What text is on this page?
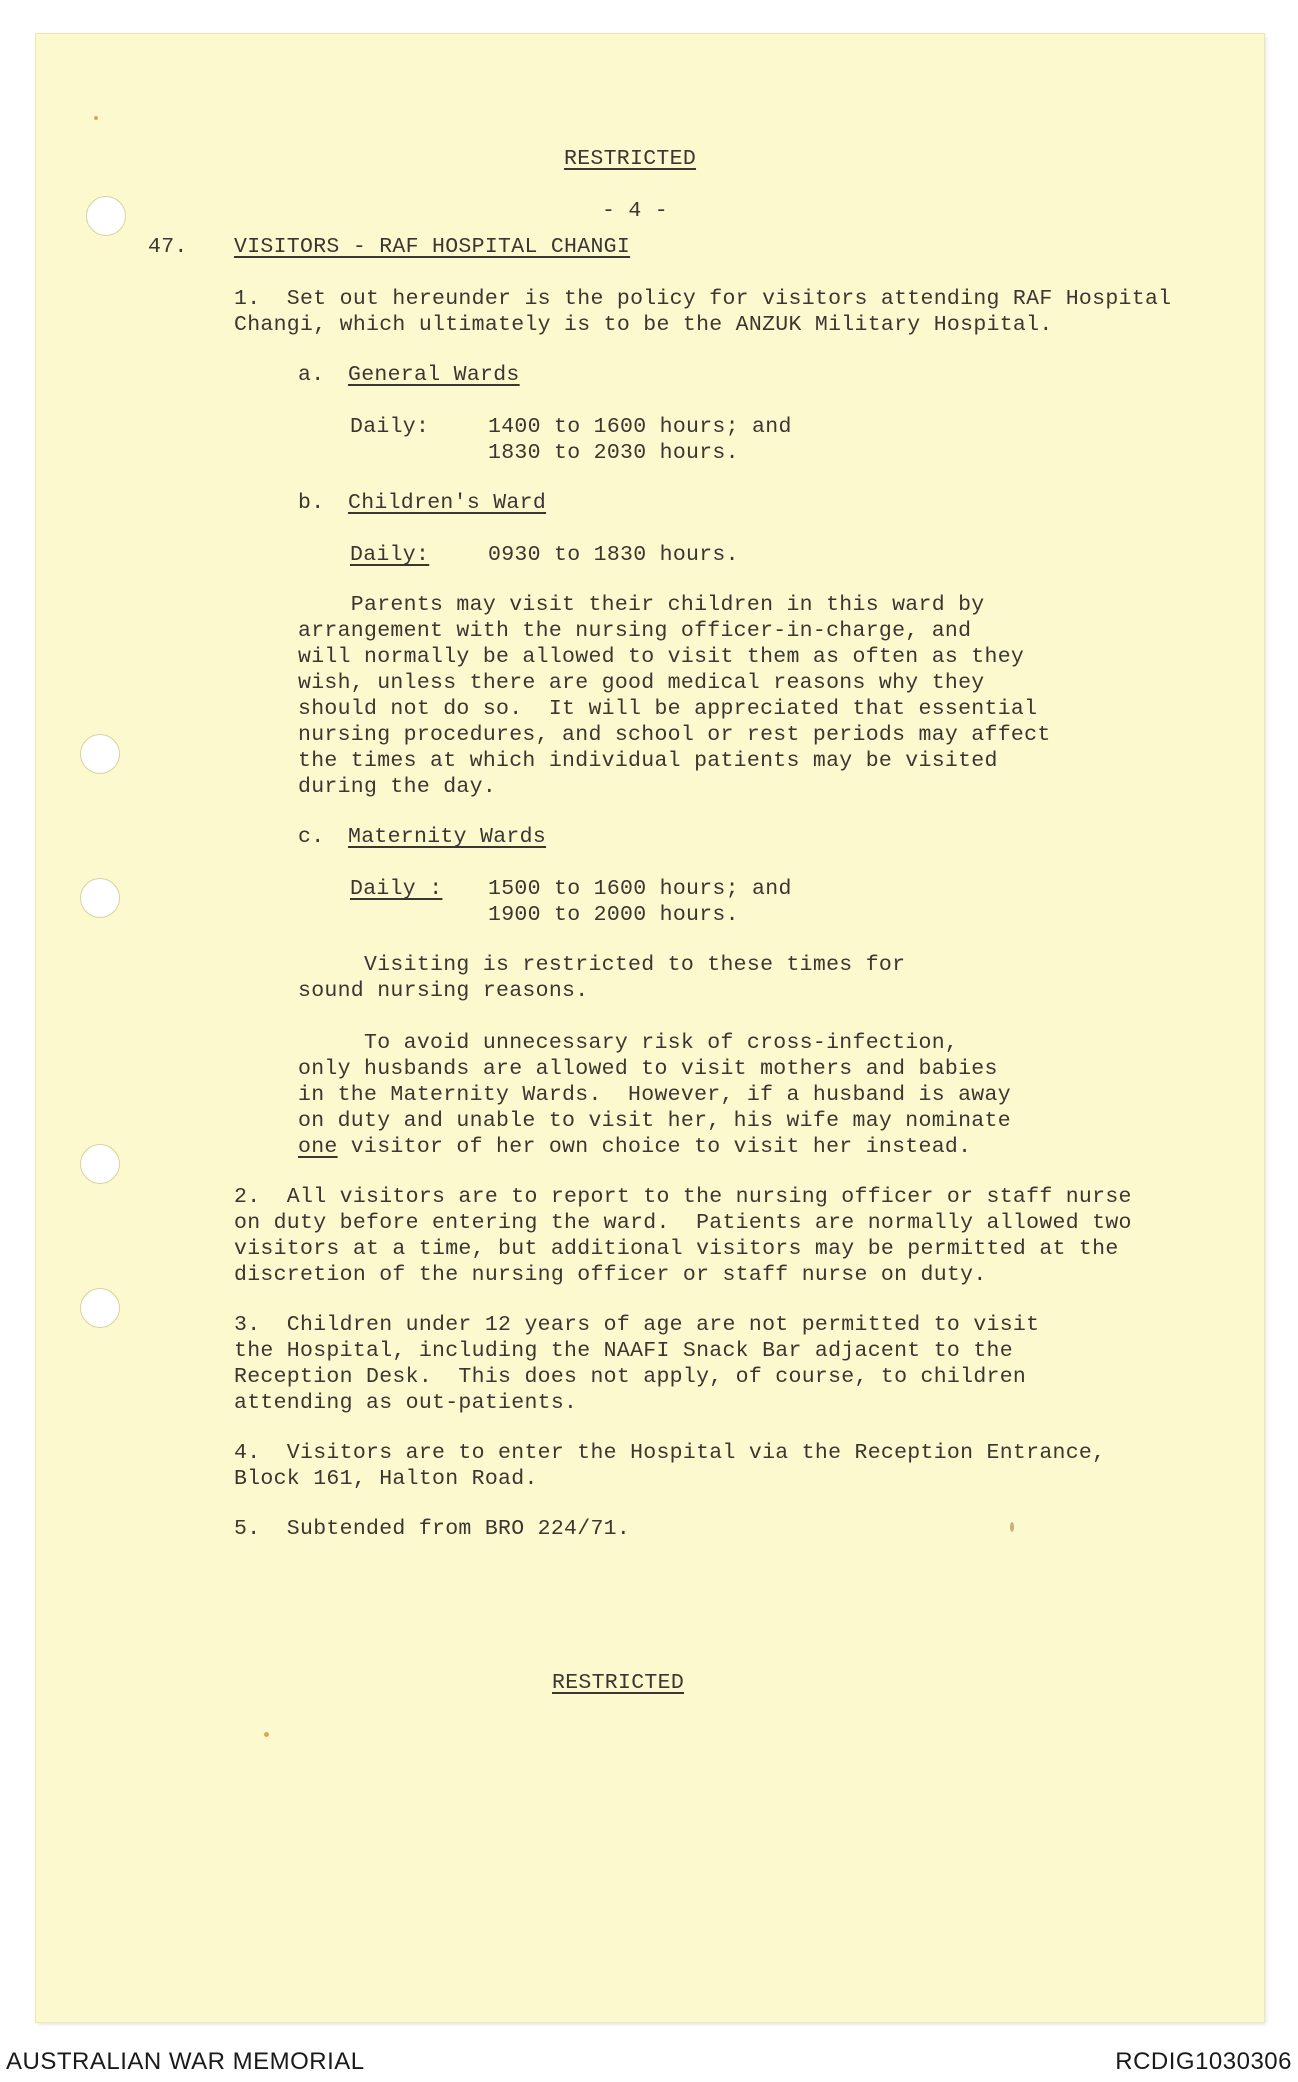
RESTRICTED
- 4 -
47. VISITORS - RAF HOSPITAL CHANGI
1.  Set out hereunder is the policy for visitors attending RAF Hospital
Changi, which ultimately is to be the ANZUK Military Hospital.
a. General Wards
Daily:	1400 to 1600 hours; and
1830 to 2030 hours.
b. Children's Ward
Daily:	0930 to 1830 hours.
Parents may visit their children in this ward by
arrangement with the nursing officer-in-charge, and
will normally be allowed to visit them as often as they
wish, unless there are good medical reasons why they
should not do so.  It will be appreciated that essential
nursing procedures, and school or rest periods may affect
the times at which individual patients may be visited
during the day.
c. Maternity Wards
Daily : 1500 to 1600 hours; and
1900 to 2000 hours.
Visiting is restricted to these times for
sound nursing reasons.
To avoid unnecessary risk of cross-infection,
only husbands are allowed to visit mothers and babies
in the Maternity Wards.  However, if a husband is away
on duty and unable to visit her, his wife may nominate
one visitor of her own choice to visit her instead.
2.  All visitors are to report to the nursing officer or staff nurse
on duty before entering the ward.  Patients are normally allowed two
visitors at a time, but additional visitors may be permitted at the
discretion of the nursing officer or staff nurse on duty.
3.  Children under 12 years of age are not permitted to visit
the Hospital, including the NAAFI Snack Bar adjacent to the
Reception Desk.  This does not apply, of course, to children
attending as out-patients.
4.  Visitors are to enter the Hospital via the Reception Entrance,
Block 161, Halton Road.
5.  Subtended from BRO 224/71.
RESTRICTED
AUSTRALIAN WAR MEMORIAL	RCDIG1030306
